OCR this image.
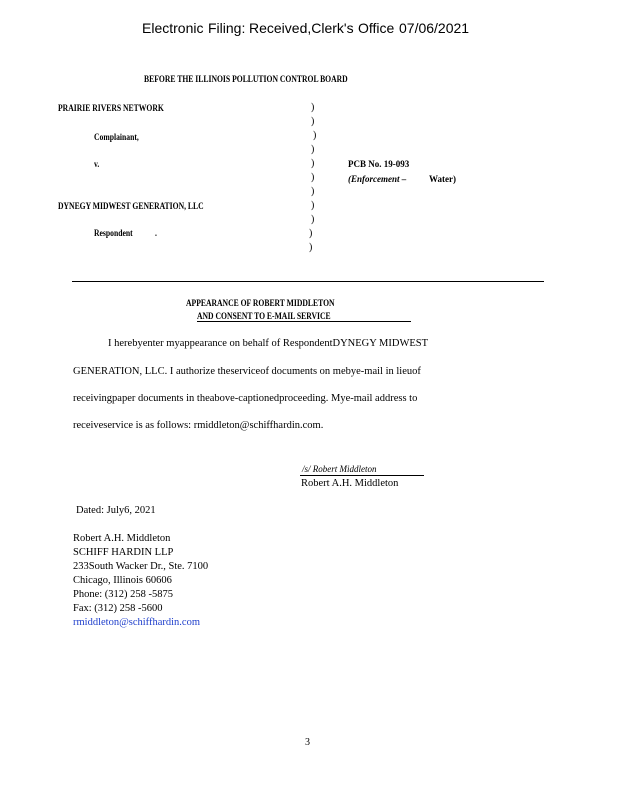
Electronic Filing: Received,Clerk's Office 07/06/2021
BEFORE THE ILLINOIS POLLUTION CONTROL BOARD
PRAIRIE RIVERS NETWORK
Complainant,
v.
DYNEGY MIDWEST GENERATION, LLC
Respondent .
)
)
)
)
)
)
)
)
)
)
)
PCB No. 19-093
(Enforcement –	Water)
APPEARANCE OF ROBERT MIDDLETON
AND CONSENT TO E-MAIL SERVICE
I herebyenter myappearance on behalf of RespondentDYNEGY MIDWEST
GENERATION, LLC. I authorize theserviceof documents on mebye-mail in lieuof
receivingpaper documents in theabove-captionedproceeding. Mye-mail address to
receiveservice is as follows: rmiddleton@schiffhardin.com.
/s/ Robert Middleton
Robert A.H. Middleton
Dated: July6, 2021
Robert A.H. Middleton
SCHIFF HARDIN LLP
233South Wacker Dr., Ste. 7100
Chicago, Illinois 60606
Phone: (312) 258 -5875
Fax: (312) 258 -5600
rmiddleton@schiffhardin.com
3
